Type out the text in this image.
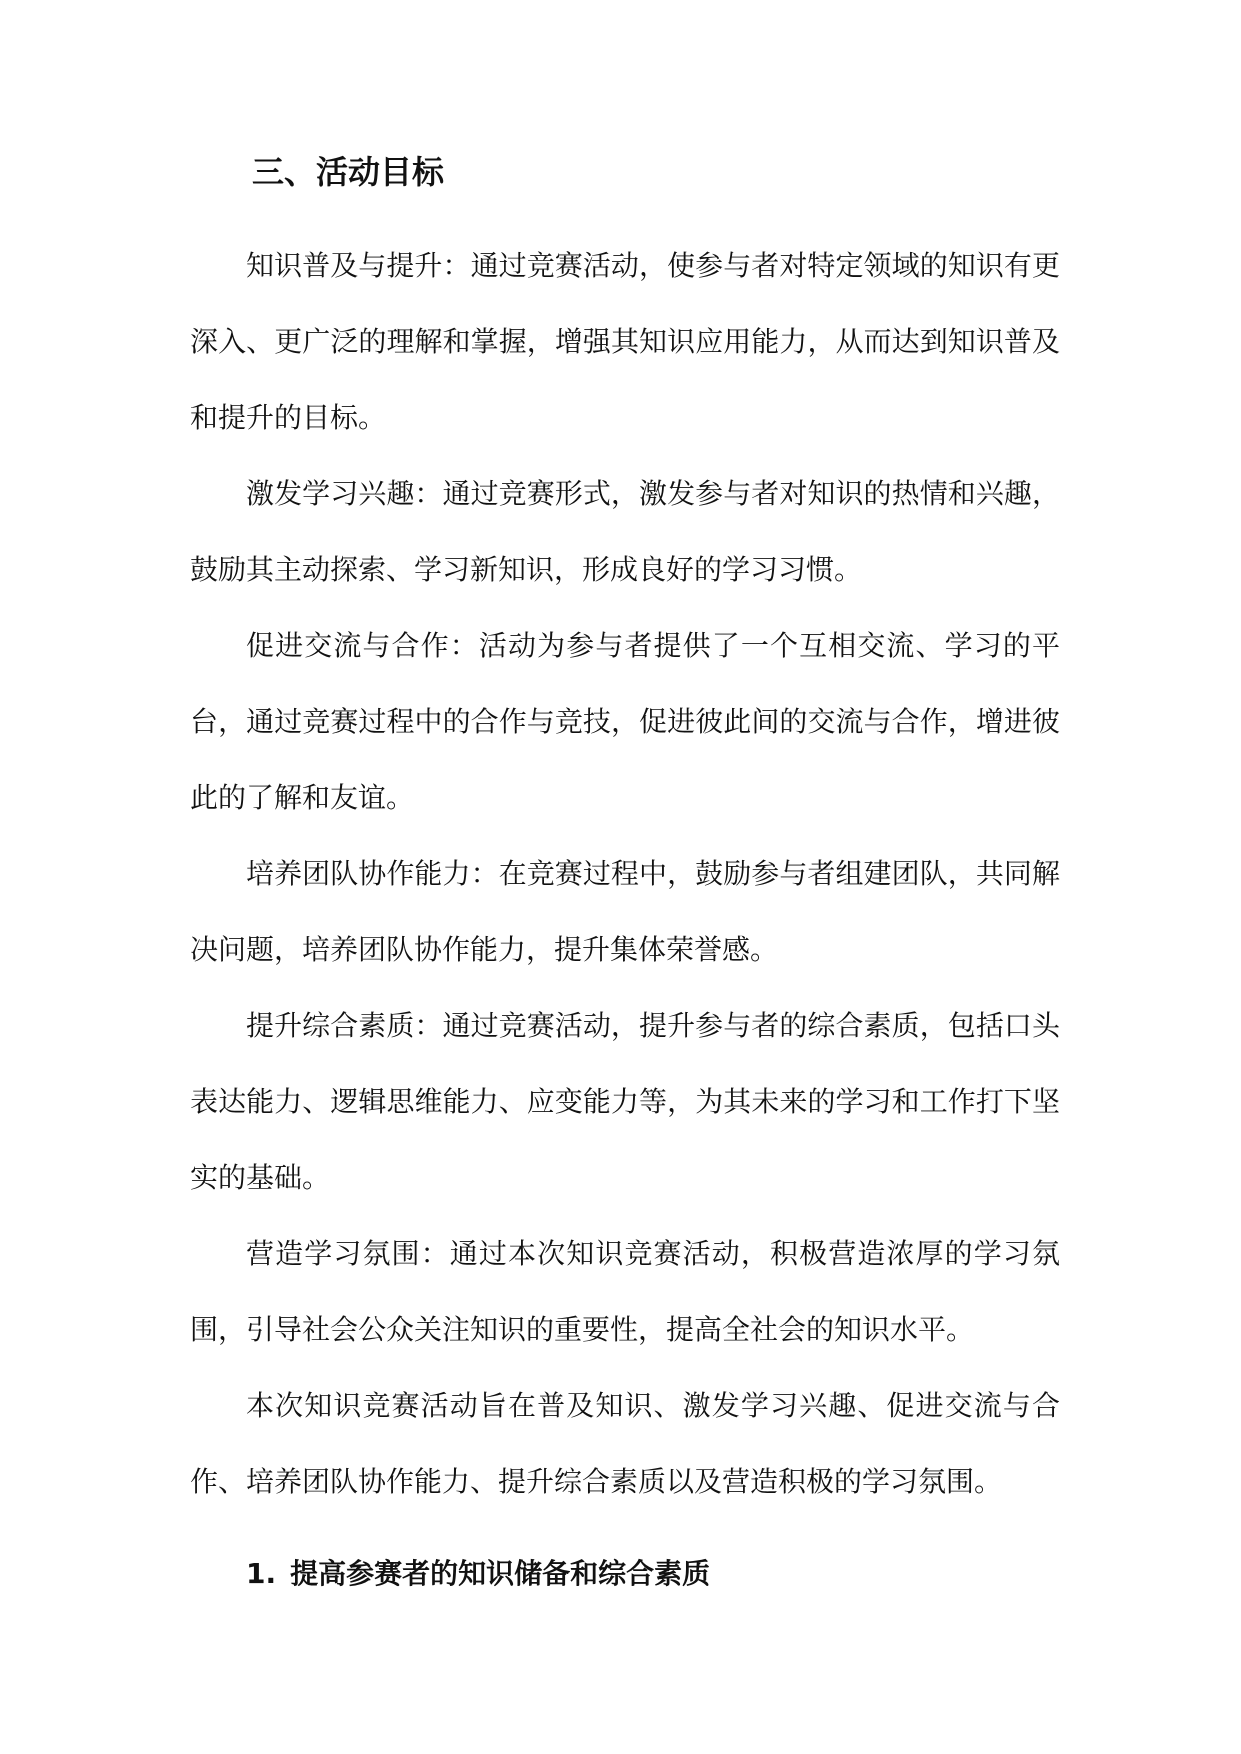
三、活动目标

知识普及与提升：通过竞赛活动，使参与者对特定领域的知识有更深入、更广泛的理解和掌握，增强其知识应用能力，从而达到知识普及和提升的目标。

激发学习兴趣：通过竞赛形式，激发参与者对知识的热情和兴趣，鼓励其主动探索、学习新知识，形成良好的学习习惯。

促进交流与合作：活动为参与者提供了一个互相交流、学习的平台，通过竞赛过程中的合作与竞技，促进彼此间的交流与合作，增进彼此的了解和友谊。

培养团队协作能力：在竞赛过程中，鼓励参与者组建团队，共同解决问题，培养团队协作能力，提升集体荣誉感。

提升综合素质：通过竞赛活动，提升参与者的综合素质，包括口头表达能力、逻辑思维能力、应变能力等，为其未来的学习和工作打下坚实的基础。

营造学习氛围：通过本次知识竞赛活动，积极营造浓厚的学习氛围，引导社会公众关注知识的重要性，提高全社会的知识水平。

本次知识竞赛活动旨在普及知识、激发学习兴趣、促进交流与合作、培养团队协作能力、提升综合素质以及营造积极的学习氛围。

1. 提高参赛者的知识储备和综合素质
